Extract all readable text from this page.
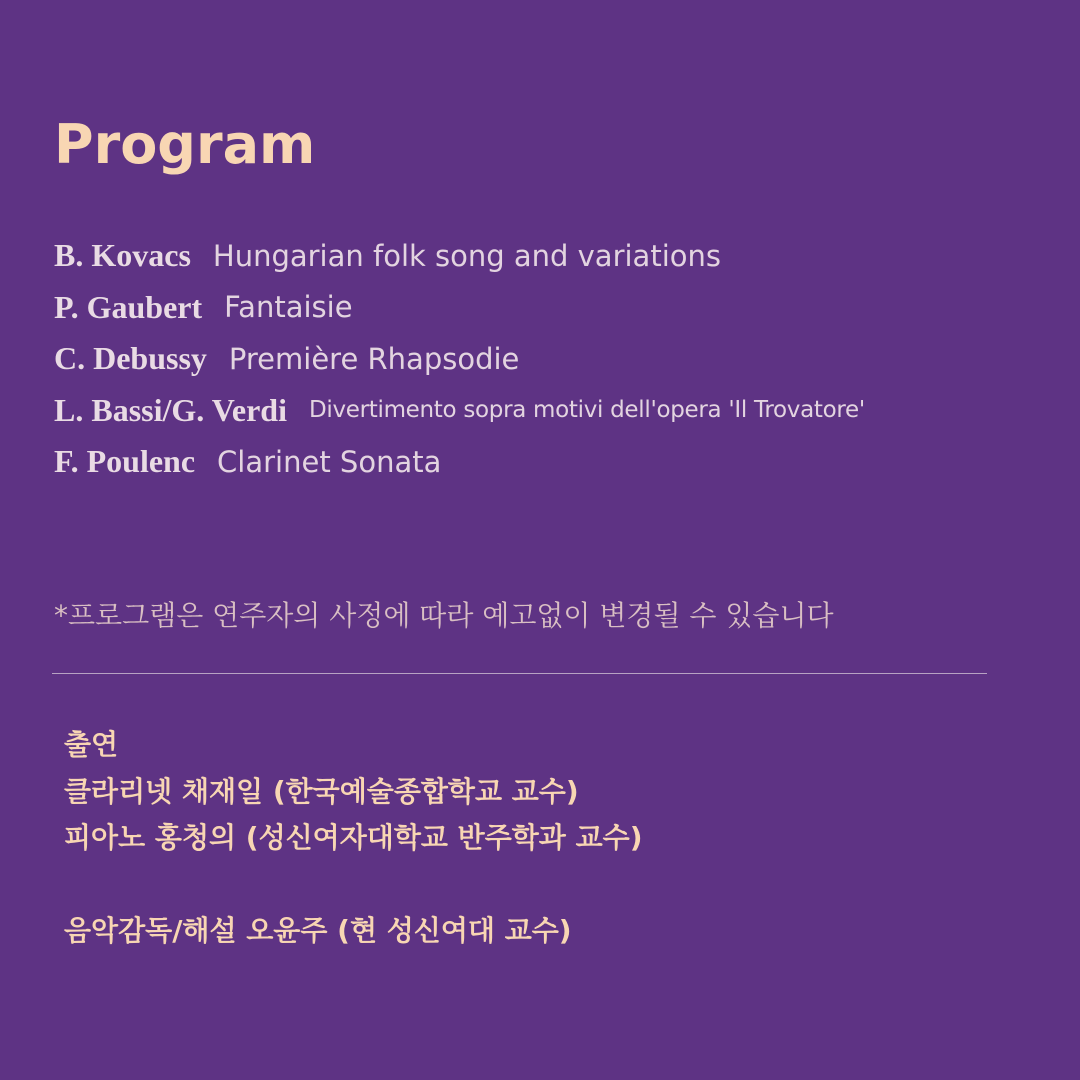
Program
B. Kovacs Hungarian folk song and variations
P. Gaubert Fantaisie
C. Debussy Première Rhapsodie
L. Bassi/G. Verdi Divertimento sopra motivi dell'opera 'Il Trovatore'
F. Poulenc Clarinet Sonata
*프로그램은 연주자의 사정에 따라 예고없이 변경될 수 있습니다
출연
클라리넷 채재일 (한국예술종합학교 교수)
피아노 홍청의 (성신여자대학교 반주학과 교수)
음악감독/해설 오윤주 (현 성신여대 교수)
